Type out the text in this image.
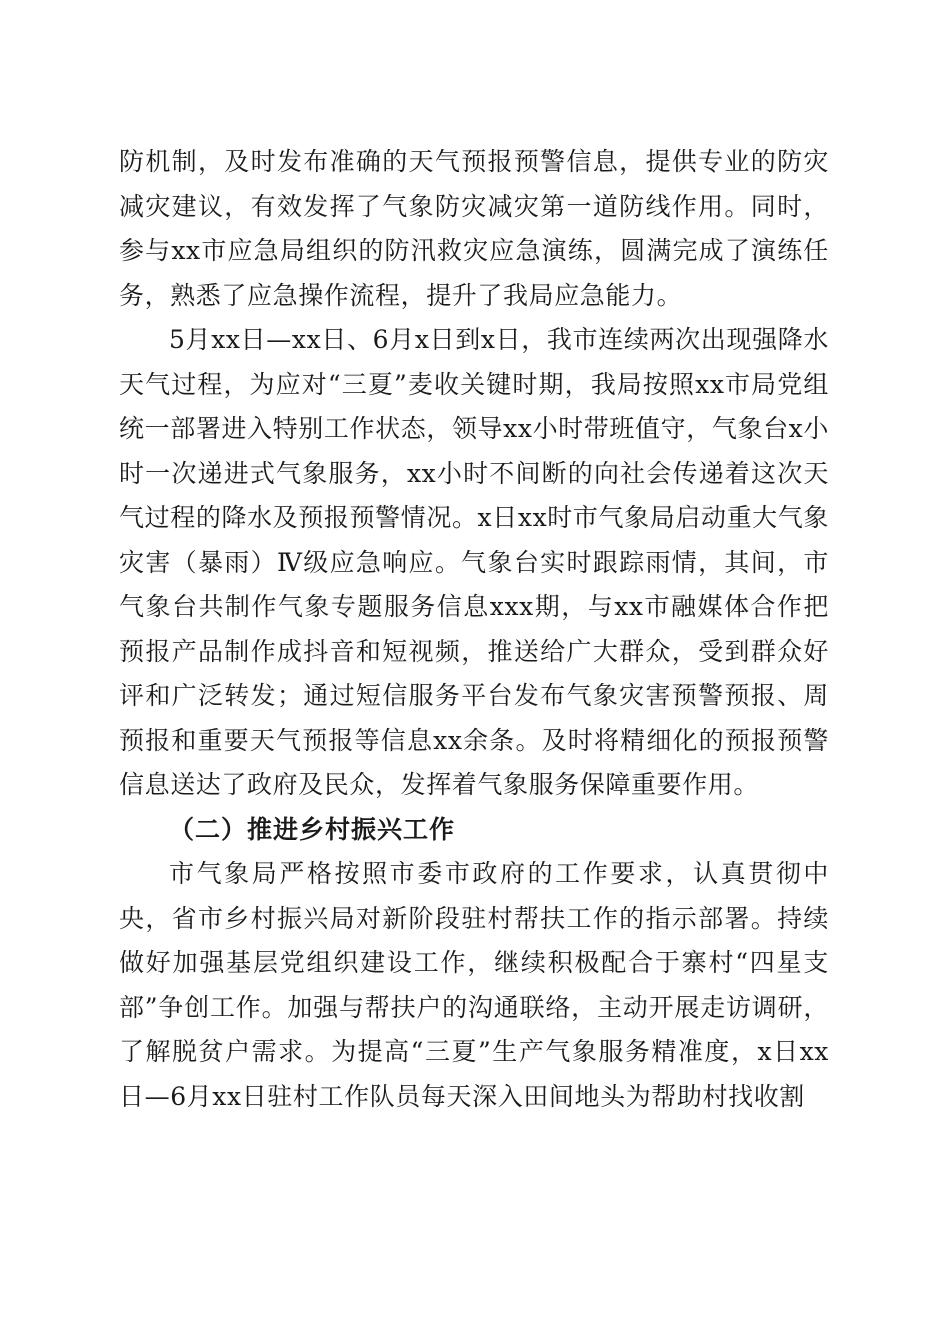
防机制，及时发布准确的天气预报预警信息，提供专业的防灾减灾建议，有效发挥了气象防灾减灾第一道防线作用。同时，参与xx市应急局组织的防汛救灾应急演练，圆满完成了演练任务，熟悉了应急操作流程，提升了我局应急能力。

5月xx日—xx日、6月x日到x日，我市连续两次出现强降水天气过程，为应对“三夏”麦收关键时期，我局按照xx市局党组统一部署进入特别工作状态，领导xx小时带班值守，气象台x小时一次递进式气象服务，xx小时不间断的向社会传递着这次天气过程的降水及预报预警情况。x日xx时市气象局启动重大气象灾害（暴雨）Ⅳ级应急响应。气象台实时跟踪雨情，其间，市气象台共制作气象专题服务信息xxx期，与xx市融媒体合作把预报产品制作成抖音和短视频，推送给广大群众，受到群众好评和广泛转发；通过短信服务平台发布气象灾害预警预报、周预报和重要天气预报等信息xx余条。及时将精细化的预报预警信息送达了政府及民众，发挥着气象服务保障重要作用。

（二）推进乡村振兴工作

市气象局严格按照市委市政府的工作要求，认真贯彻中央，省市乡村振兴局对新阶段驻村帮扶工作的指示部署。持续做好加强基层党组织建设工作，继续积极配合于寨村“四星支部”争创工作。加强与帮扶户的沟通联络，主动开展走访调研，了解脱贫户需求。为提高“三夏”生产气象服务精准度，x日xx日—6月xx日驻村工作队员每天深入田间地头为帮助村找收割
